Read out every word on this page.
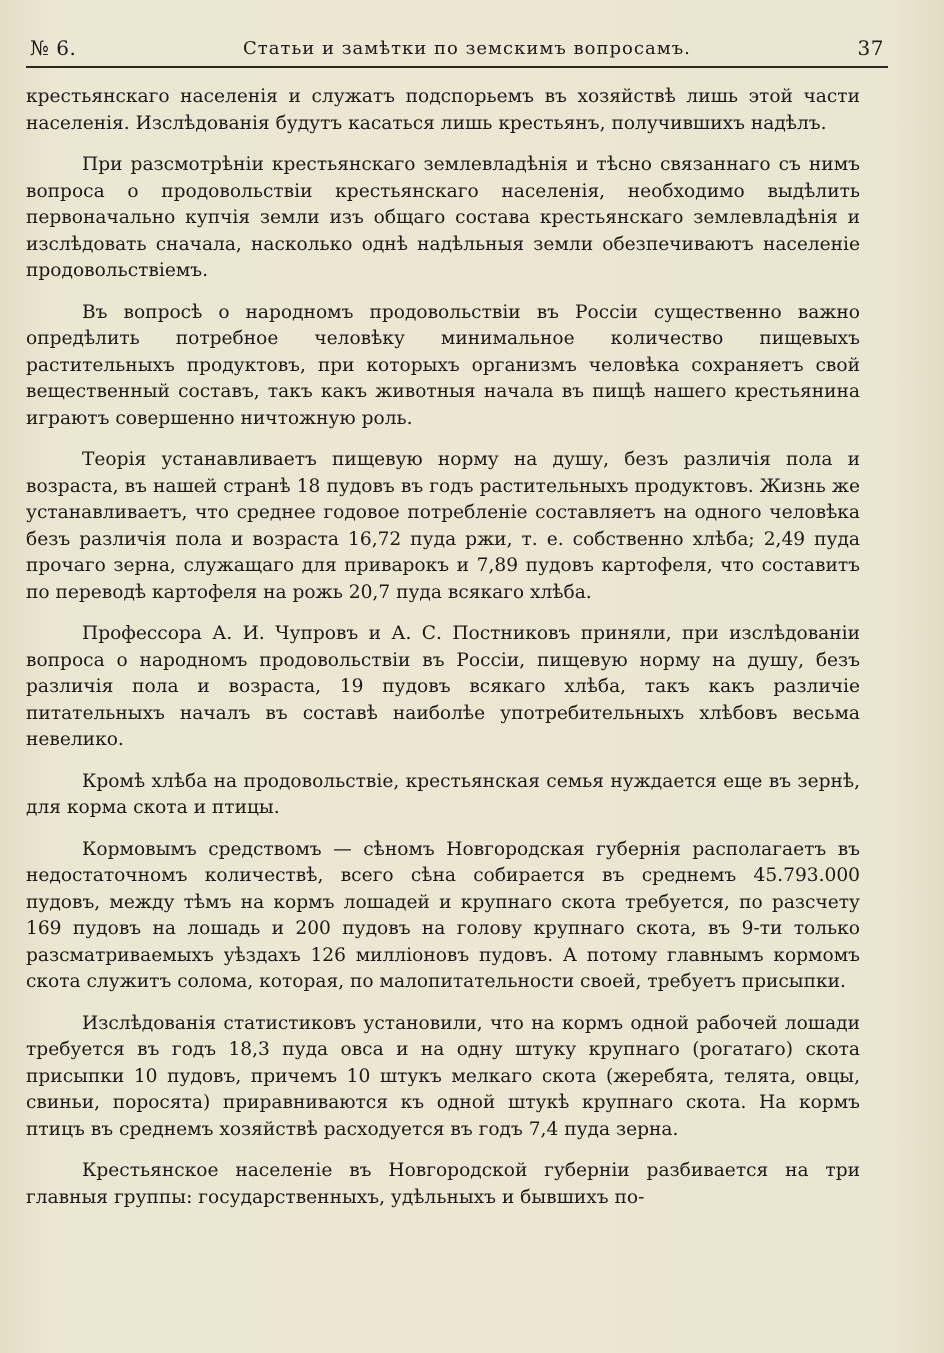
№ 6.	Статьи и замѣтки по земскимъ вопросамъ.	37

крестьянскаго населенія и служатъ подспорьемъ въ хозяйствѣ лишь этой части населенія. Изслѣдованія будутъ касаться лишь крестьянъ, получившихъ надѣлъ.

При разсмотрѣніи крестьянскаго землевладѣнія и тѣсно связаннаго съ нимъ вопроса о продовольствіи крестьянскаго населенія, необходимо выдѣлить первоначально купчія земли изъ общаго состава крестьянскаго землевладѣнія и изслѣдовать сначала, насколько однѣ надѣльныя земли обезпечиваютъ населеніе продовольствіемъ.

Въ вопросѣ о народномъ продовольствіи въ Россіи существенно важно опредѣлить потребное человѣку минимальное количество пищевыхъ растительныхъ продуктовъ, при которыхъ организмъ человѣка сохраняетъ свой вещественный составъ, такъ какъ животныя начала въ пищѣ нашего крестьянина играютъ совершенно ничтожную роль.

Теорія устанавливаетъ пищевую норму на душу, безъ различія пола и возраста, въ нашей странѣ 18 пудовъ въ годъ растительныхъ продуктовъ. Жизнь же устанавливаетъ, что среднее годовое потребленіе составляетъ на одного человѣка безъ различія пола и возраста 16,72 пуда ржи, т. е. собственно хлѣба; 2,49 пуда прочаго зерна, служащаго для приварокъ и 7,89 пудовъ картофеля, что составитъ по переводѣ картофеля на рожь 20,7 пуда всякаго хлѣба.

Профессора А. И. Чупровъ и А. С. Постниковъ приняли, при изслѣдованіи вопроса о народномъ продовольствіи въ Россіи, пищевую норму на душу, безъ различія пола и возраста, 19 пудовъ всякаго хлѣба, такъ какъ различіе питательныхъ началъ въ составѣ наиболѣе употребительныхъ хлѣбовъ весьма невелико.

Кромѣ хлѣба на продовольствіе, крестьянская семья нуждается еще въ зернѣ, для корма скота и птицы.

Кормовымъ средствомъ — сѣномъ Новгородская губернія располагаетъ въ недостаточномъ количествѣ, всего сѣна собирается въ среднемъ 45.793.000 пудовъ, между тѣмъ на кормъ лошадей и крупнаго скота требуется, по разсчету 169 пудовъ на лошадь и 200 пудовъ на голову крупнаго скота, въ 9-ти только разсматриваемыхъ уѣздахъ 126 милліоновъ пудовъ. А потому главнымъ кормомъ скота служитъ солома, которая, по малопитательности своей, требуетъ присыпки.

Изслѣдованія статистиковъ установили, что на кормъ одной рабочей лошади требуется въ годъ 18,3 пуда овса и на одну штуку крупнаго (рогатаго) скота присыпки 10 пудовъ, причемъ 10 штукъ мелкаго скота (жеребята, телята, овцы, свиньи, поросята) приравниваются къ одной штукѣ крупнаго скота. На кормъ птицъ въ среднемъ хозяйствѣ расходуется въ годъ 7,4 пуда зерна.

Крестьянское населеніе въ Новгородской губерніи разбивается на три главныя группы: государственныхъ, удѣльныхъ и бывшихъ по-
